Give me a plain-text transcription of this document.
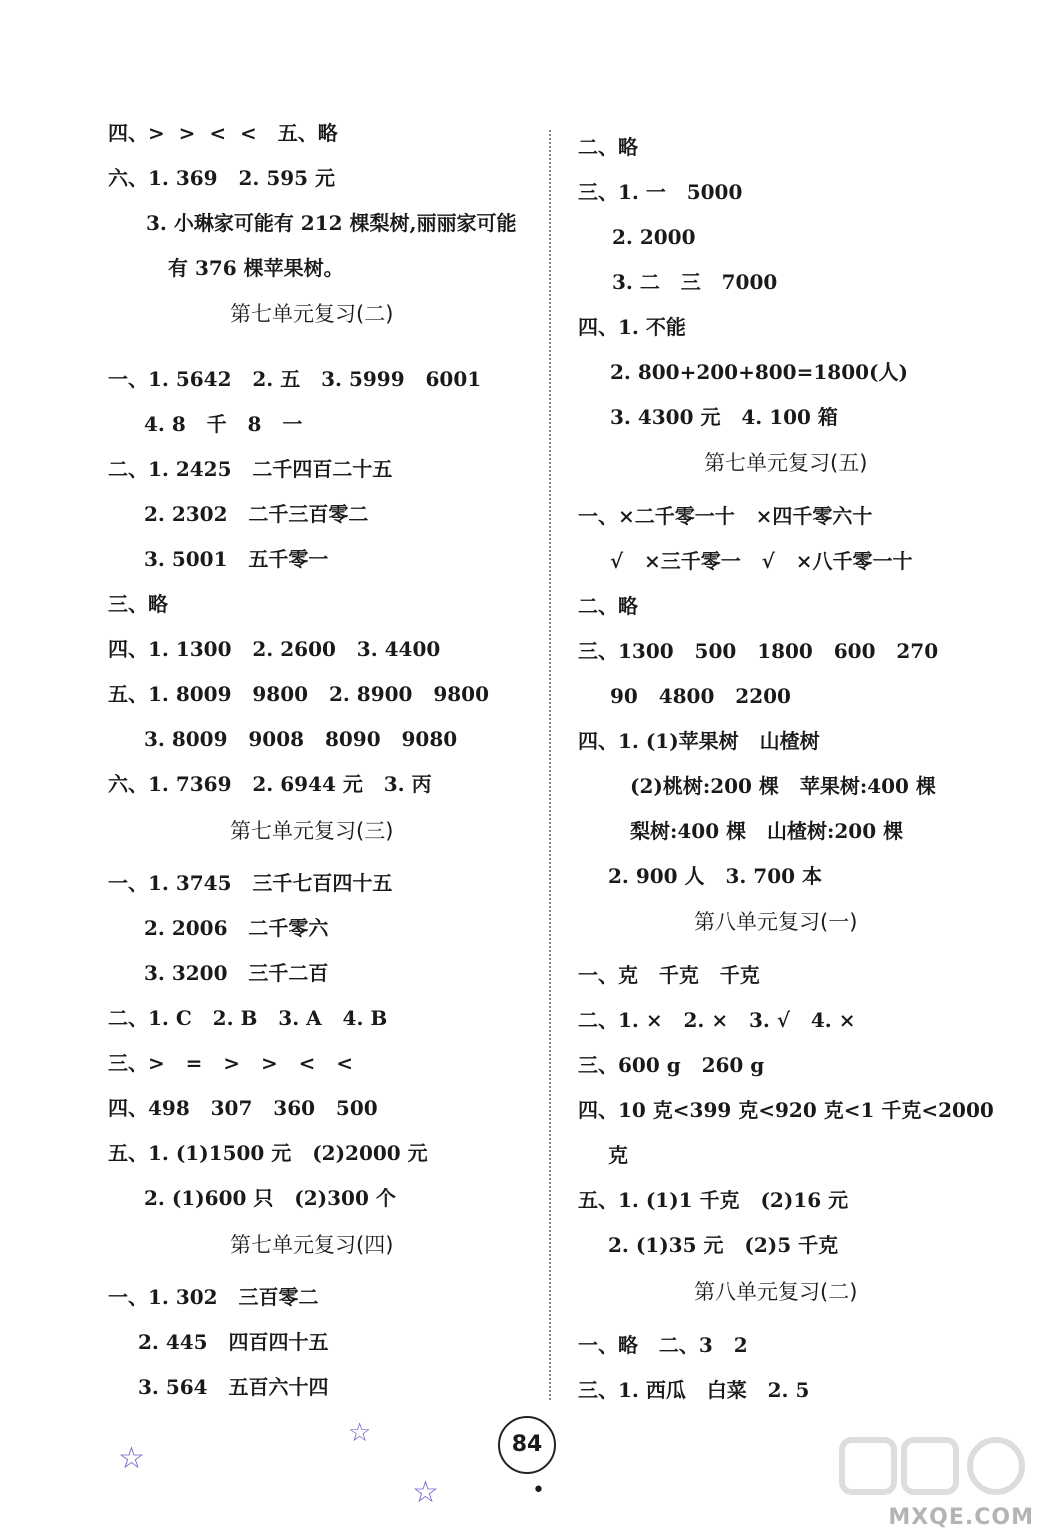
四、>  >  <  <   五、略
六、1. 369   2. 595 元
3. 小琳家可能有 212 棵梨树,丽丽家可能
有 376 棵苹果树。
第七单元复习(二)
一、1. 5642   2. 五   3. 5999   6001
4. 8   千   8   一
二、1. 2425   二千四百二十五
2. 2302   二千三百零二
3. 5001   五千零一
三、略
四、1. 1300   2. 2600   3. 4400
五、1. 8009   9800   2. 8900   9800
3. 8009   9008   8090   9080
六、1. 7369   2. 6944 元   3. 丙
第七单元复习(三)
一、1. 3745   三千七百四十五
2. 2006   二千零六
3. 3200   三千二百
二、1. C   2. B   3. A   4. B
三、>   =   >   >   <   <
四、498   307   360   500
五、1. (1)1500 元   (2)2000 元
2. (1)600 只   (2)300 个
第七单元复习(四)
一、1. 302   三百零二
2. 445   四百四十五
3. 564   五百六十四
二、略
三、1. 一   5000
2. 2000
3. 二   三   7000
四、1. 不能
2. 800+200+800=1800(人)
3. 4300 元   4. 100 箱
第七单元复习(五)
一、×二千零一十   ×四千零六十
√   ×三千零一   √   ×八千零一十
二、略
三、1300   500   1800   600   270
90   4800   2200
四、1. (1)苹果树   山楂树
(2)桃树:200 棵   苹果树:400 棵
梨树:400 棵   山楂树:200 棵
2. 900 人   3. 700 本
第八单元复习(一)
一、克   千克   千克
二、1. ×   2. ×   3. √   4. ×
三、600 g   260 g
四、10 克<399 克<920 克<1 千克<2000
克
五、1. (1)1 千克   (2)16 元
2. (1)35 元   (2)5 千克
第八单元复习(二)
一、略   二、3   2
三、1. 西瓜   白菜   2. 5
☆
☆
☆
84
•
MXQE.COM
